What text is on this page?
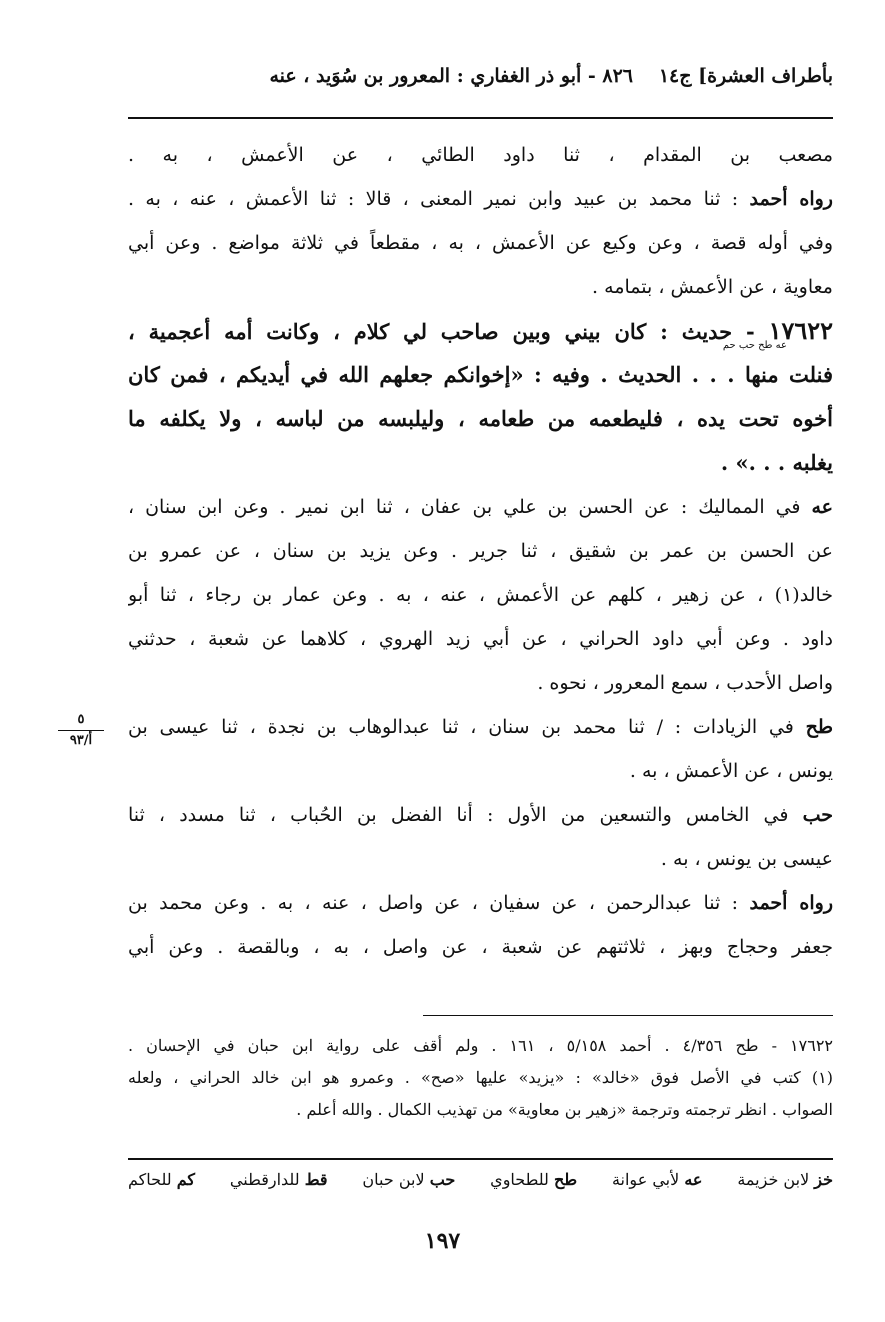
بأطراف العشرة] ج١٤
٨٢٦ - أبو ذر الغفاري : المعرور بن سُوَيد ، عنه
مصعب بن المقدام ، ثنا داود الطائي ، عن الأعمش ، به .
رواه أحمد : ثنا محمد بن عبيد وابن نمير المعنى ، قالا : ثنا الأعمش ، عنه ، به .
وفي أوله قصة ، وعن وكيع عن الأعمش ، به ، مقطعاً في ثلاثة مواضع . وعن أبي
معاوية ، عن الأعمش ، بتمامه .
١٧٦٢٢ - حديث : كان بيني وبين صاحب لي كلام ، وكانت أمه أعجمية ،
عه طح حب حم
فنلت منها . . . الحديث . وفيه : «إخوانكم جعلهم الله في أيديكم ، فمن كان
أخوه تحت يده ، فليطعمه من طعامه ، وليلبسه من لباسه ، ولا يكلفه ما
يغلبه . . .» .
عه في المماليك : عن الحسن بن علي بن عفان ، ثنا ابن نمير . وعن ابن سنان ،
عن الحسن بن عمر بن شقيق ، ثنا جرير . وعن يزيد بن سنان ، عن عمرو بن
خالد(١) ، عن زهير ، كلهم عن الأعمش ، عنه ، به . وعن عمار بن رجاء ، ثنا أبو
داود . وعن أبي داود الحراني ، عن أبي زيد الهروي ، كلاهما عن شعبة ، حدثني
واصل الأحدب ، سمع المعرور ، نحوه .
طح في الزيادات : / ثنا محمد بن سنان ، ثنا عبدالوهاب بن نجدة ، ثنا عيسى بن
يونس ، عن الأعمش ، به .
حب في الخامس والتسعين من الأول : أنا الفضل بن الحُباب ، ثنا مسدد ، ثنا
عيسى بن يونس ، به .
رواه أحمد : ثنا عبدالرحمن ، عن سفيان ، عن واصل ، عنه ، به . وعن محمد بن
جعفر وحجاج وبهز ، ثلاثتهم عن شعبة ، عن واصل ، به ، وبالقصة . وعن أبي
٥
أ/٩٣
١٧٦٢٢ - طح ٤/٣٥٦ . أحمد ٥/١٥٨ ، ١٦١ . ولم أقف على رواية ابن حبان في الإحسان .
(١) كتب في الأصل فوق «خالد» : «يزيد» عليها «صح» . وعمرو هو ابن خالد الحراني ، ولعله
الصواب . انظر ترجمته وترجمة «زهير بن معاوية» من تهذيب الكمال . والله أعلم .
خز لابن خزيمة
عه لأبي عوانة
طح للطحاوي
حب لابن حبان
قط للدارقطني
كم للحاكم
١٩٧
